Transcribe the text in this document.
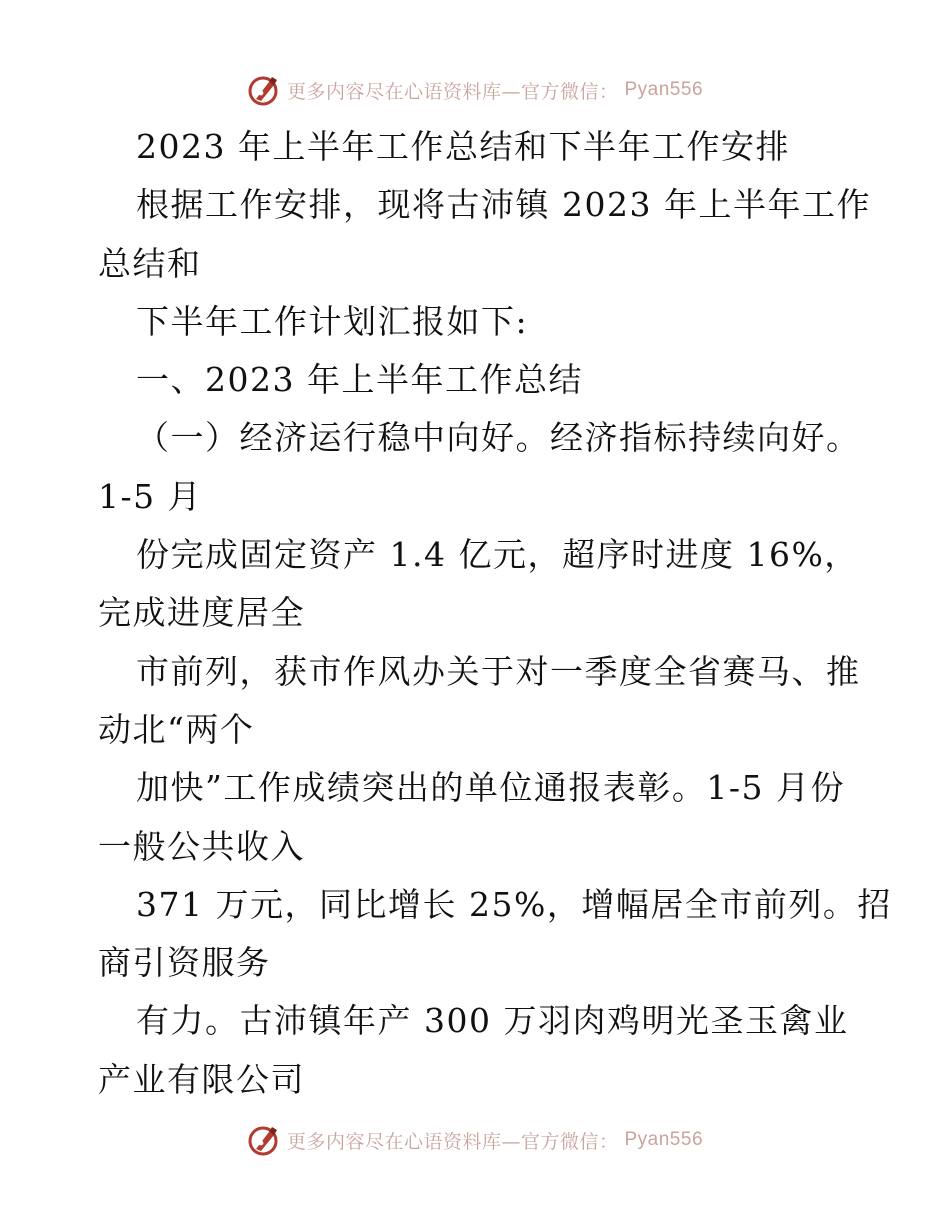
更多内容尽在心语资料库—官方微信： Pyan556
2023 年上半年工作总结和下半年工作安排
根据工作安排，现将古沛镇 2023 年上半年工作
总结和
下半年工作计划汇报如下:
一、2023 年上半年工作总结
（一）经济运行稳中向好。经济指标持续向好。
1-5 月
份完成固定资产 1.4 亿元，超序时进度 16%，
完成进度居全
市前列，获市作风办关于对一季度全省赛马、推
动北“两个
加快”工作成绩突出的单位通报表彰。1-5 月份
一般公共收入
371 万元，同比增长 25%，增幅居全市前列。招
商引资服务
有力。古沛镇年产 300 万羽肉鸡明光圣玉禽业
产业有限公司
更多内容尽在心语资料库—官方微信： Pyan556
